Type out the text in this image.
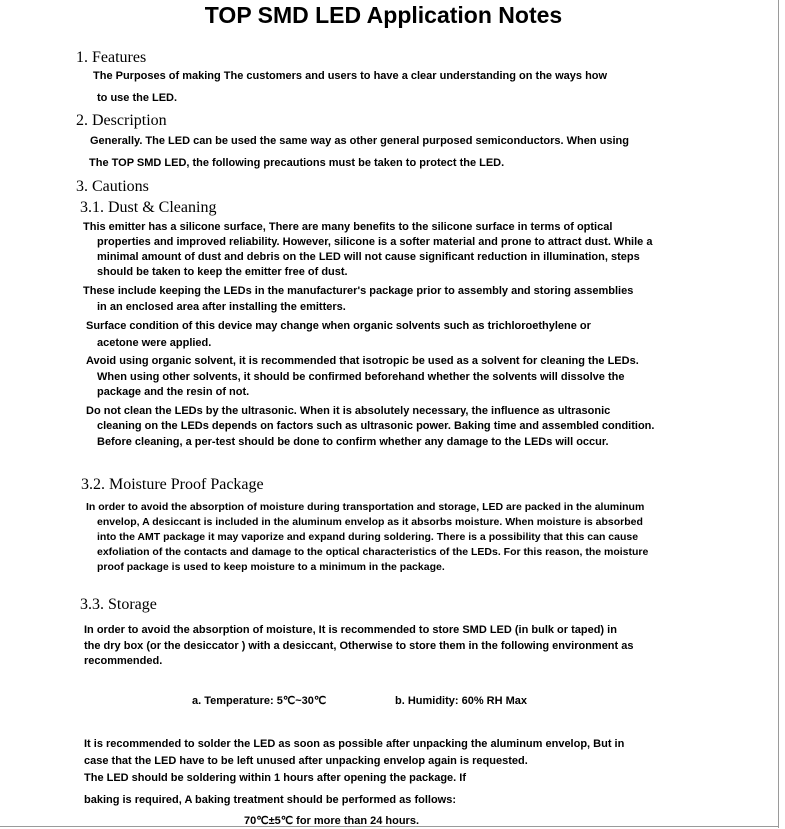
TOP SMD LED Application Notes
1. Features
The Purposes of making The customers and users to have a clear understanding on the ways how
to use the LED.
2. Description
Generally. The LED can be used the same way as other general purposed semiconductors. When using
The TOP SMD LED, the following precautions must be taken to protect the LED.
3. Cautions
3.1. Dust & Cleaning
This emitter has a silicone surface, There are many benefits to the silicone surface in terms of optical
properties and improved reliability. However, silicone is a softer material and prone to attract dust. While a
minimal amount of dust and debris on the LED will not cause significant reduction in illumination, steps
should be taken to keep the emitter free of dust.
These include keeping the LEDs in the manufacturer's package prior to assembly and storing assemblies
in an enclosed area after installing the emitters.
Surface condition of this device may change when organic solvents such as trichloroethylene or
acetone were applied.
Avoid using organic solvent, it is recommended that isotropic be used as a solvent for cleaning the LEDs.
When using other solvents, it should be confirmed beforehand whether the solvents will dissolve the
package and the resin of not.
Do not clean the LEDs by the ultrasonic. When it is absolutely necessary, the influence as ultrasonic
cleaning on the LEDs depends on factors such as ultrasonic power. Baking time and assembled condition.
Before cleaning, a per-test should be done to confirm whether any damage to the LEDs will occur.
3.2. Moisture Proof Package
In order to avoid the absorption of moisture during transportation and storage, LED are packed in the aluminum
envelop, A desiccant is included in the aluminum envelop as it absorbs moisture. When moisture is absorbed
into the AMT package it may vaporize and expand during soldering. There is a possibility that this can cause
exfoliation of the contacts and damage to the optical characteristics of the LEDs. For this reason, the moisture
proof package is used to keep moisture to a minimum in the package.
3.3. Storage
In order to avoid the absorption of moisture, It is recommended to store SMD LED (in bulk or taped) in
the dry box (or the desiccator ) with a desiccant, Otherwise to store them in the following environment as
recommended.
a. Temperature: 5℃~30℃	b. Humidity: 60% RH Max
It is recommended to solder the LED as soon as possible after unpacking the aluminum envelop, But in
case that the LED have to be left unused after unpacking envelop again is requested.
The LED should be soldering within 1 hours after opening the package. If
baking is required, A baking treatment should be performed as follows:
70℃±5℃ for more than 24 hours.
